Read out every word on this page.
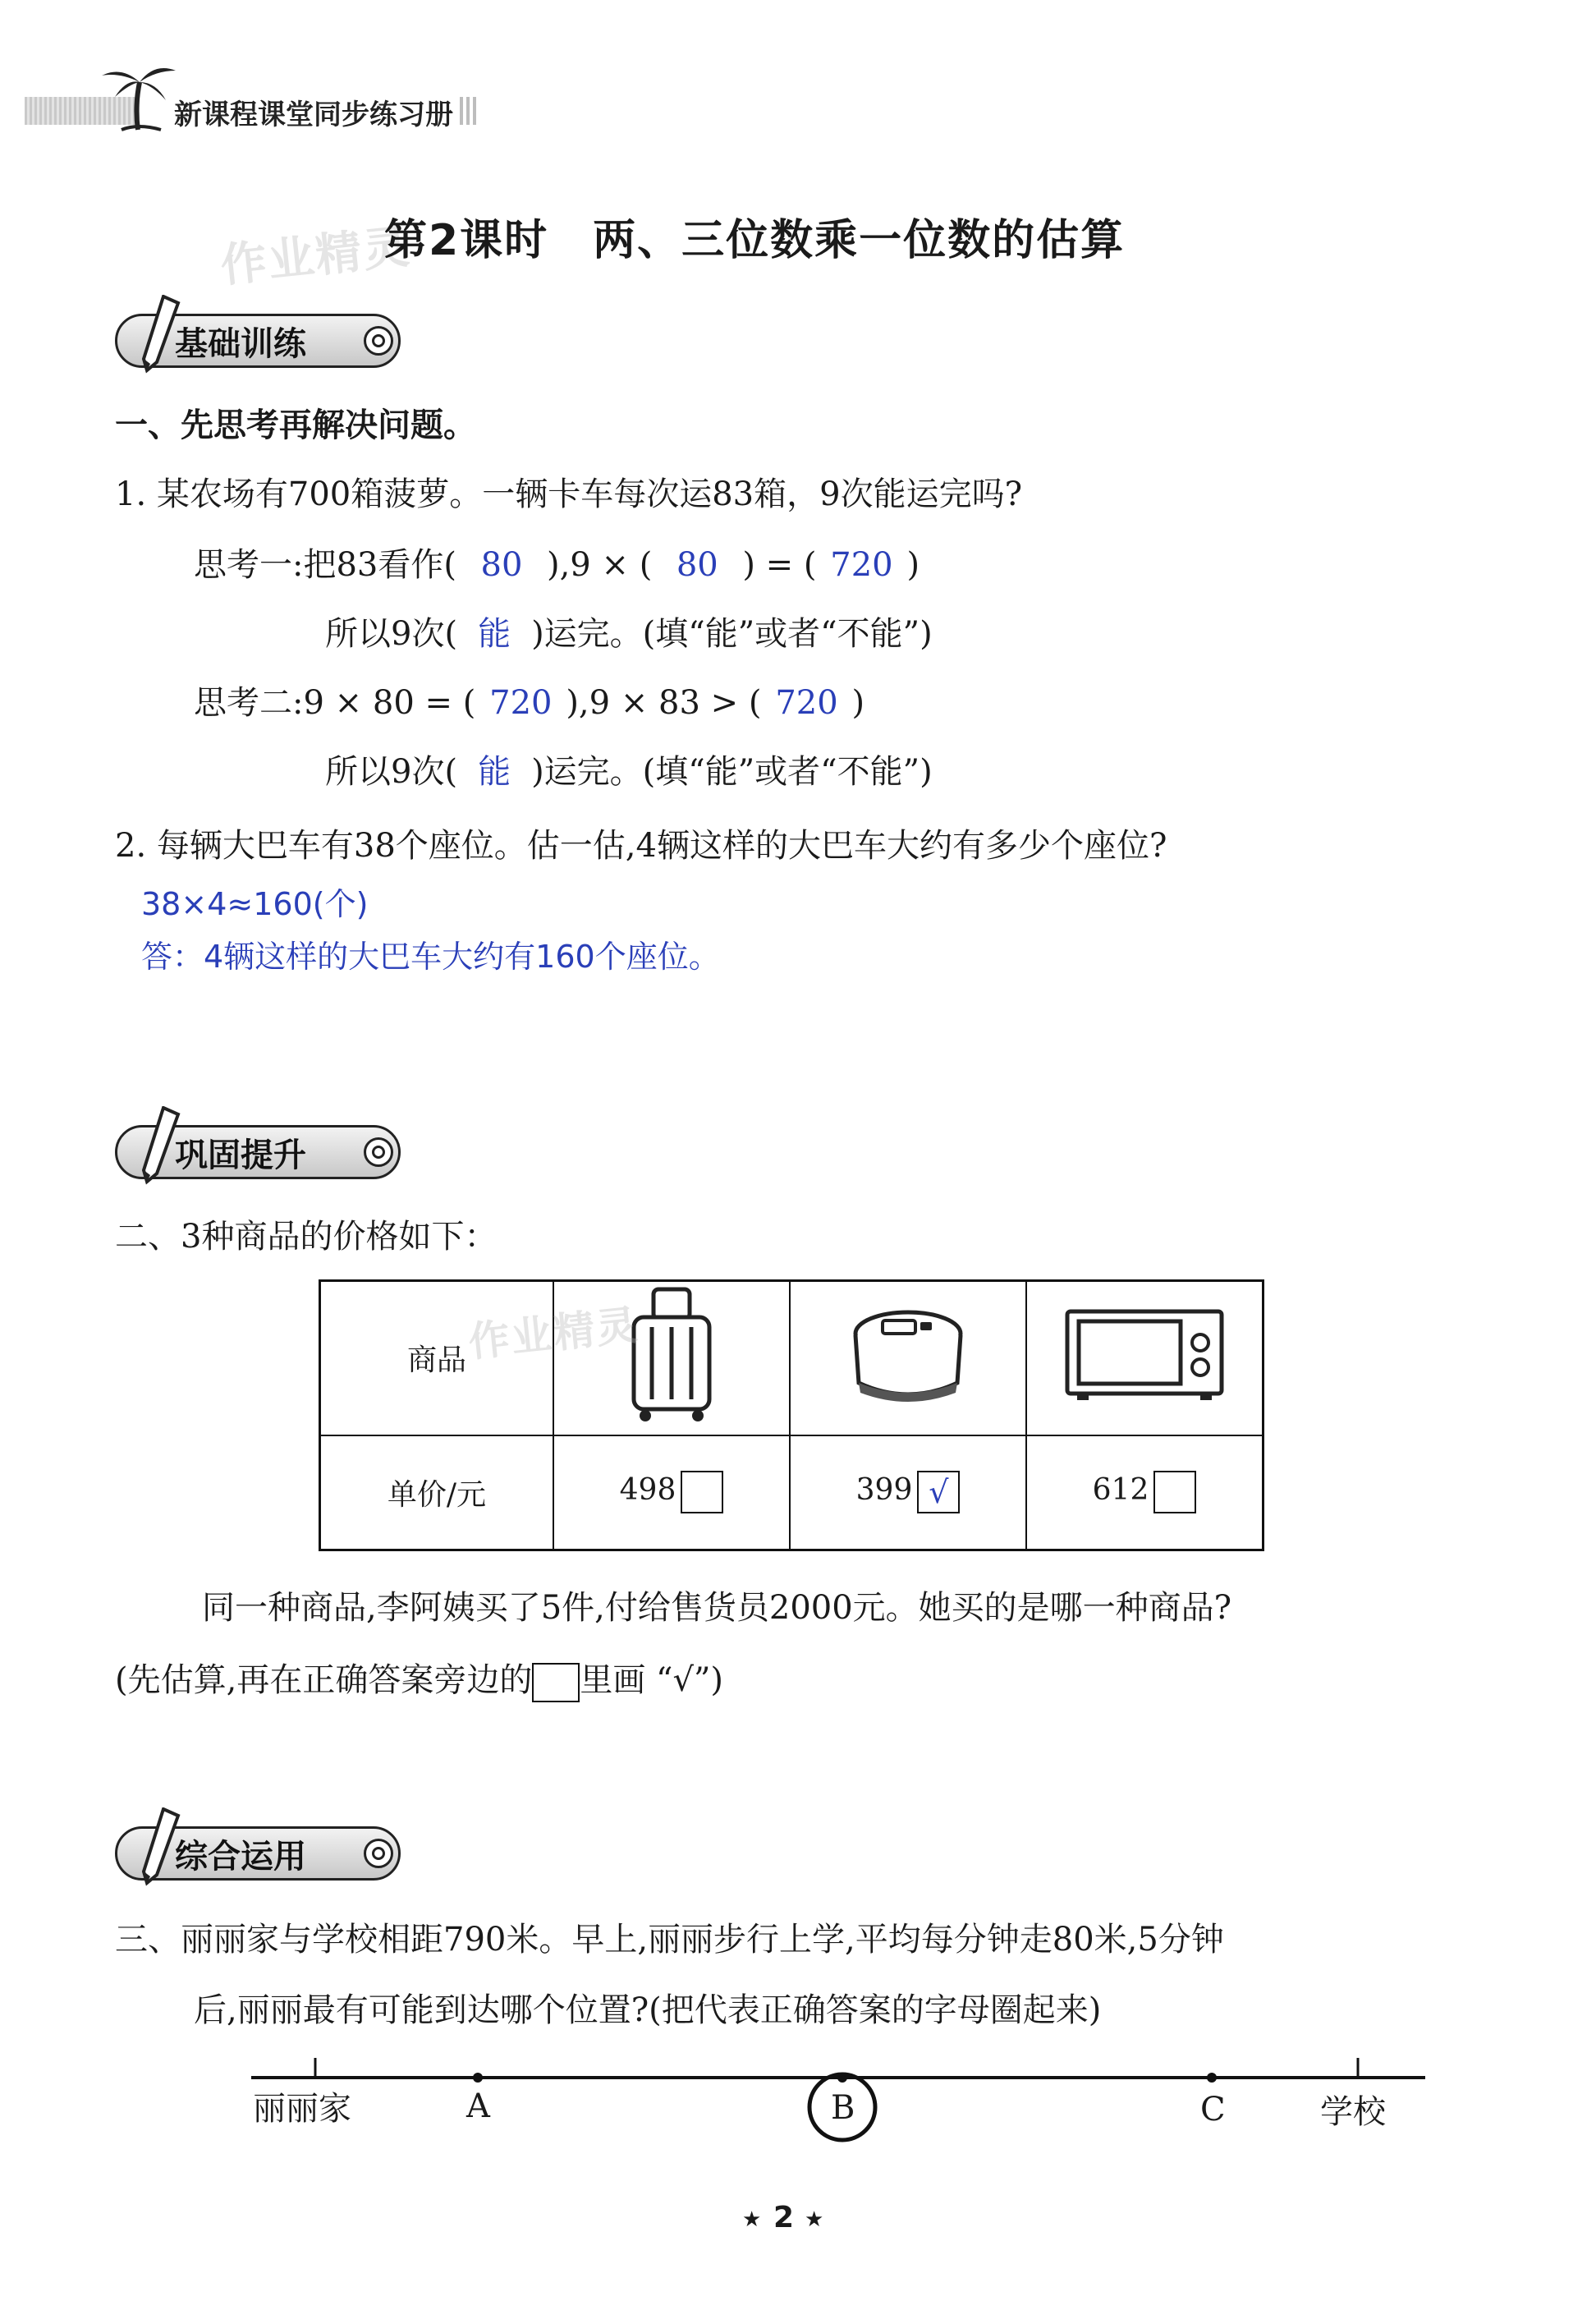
新课程课堂同步练习册
作业精灵
第2课时　两、三位数乘一位数的估算
基础训练
一、先思考再解决问题。
1. 某农场有700箱菠萝。一辆卡车每次运83箱，9次能运完吗?
思考一:把83看作( 80 ),9 × ( 80 ) = ( 720 )
所以9次( 能 )运完。(填“能”或者“不能”)
思考二:9 × 80 = ( 720 ),9 × 83 > ( 720 )
所以9次( 能 )运完。(填“能”或者“不能”)
2. 每辆大巴车有38个座位。估一估,4辆这样的大巴车大约有多少个座位?
38×4≈160(个)
答：4辆这样的大巴车大约有160个座位。
巩固提升
二、3种商品的价格如下：
商品			
单价/元	498	399 √	612
作业精灵
同一种商品,李阿姨买了5件,付给售货员2000元。她买的是哪一种商品?
(先估算,再在正确答案旁边的 里画 “√”)
综合运用
三、丽丽家与学校相距790米。早上,丽丽步行上学,平均每分钟走80米,5分钟
后,丽丽最有可能到达哪个位置?(把代表正确答案的字母圈起来)
丽丽家	A	B	C	学校
★ 2 ★
